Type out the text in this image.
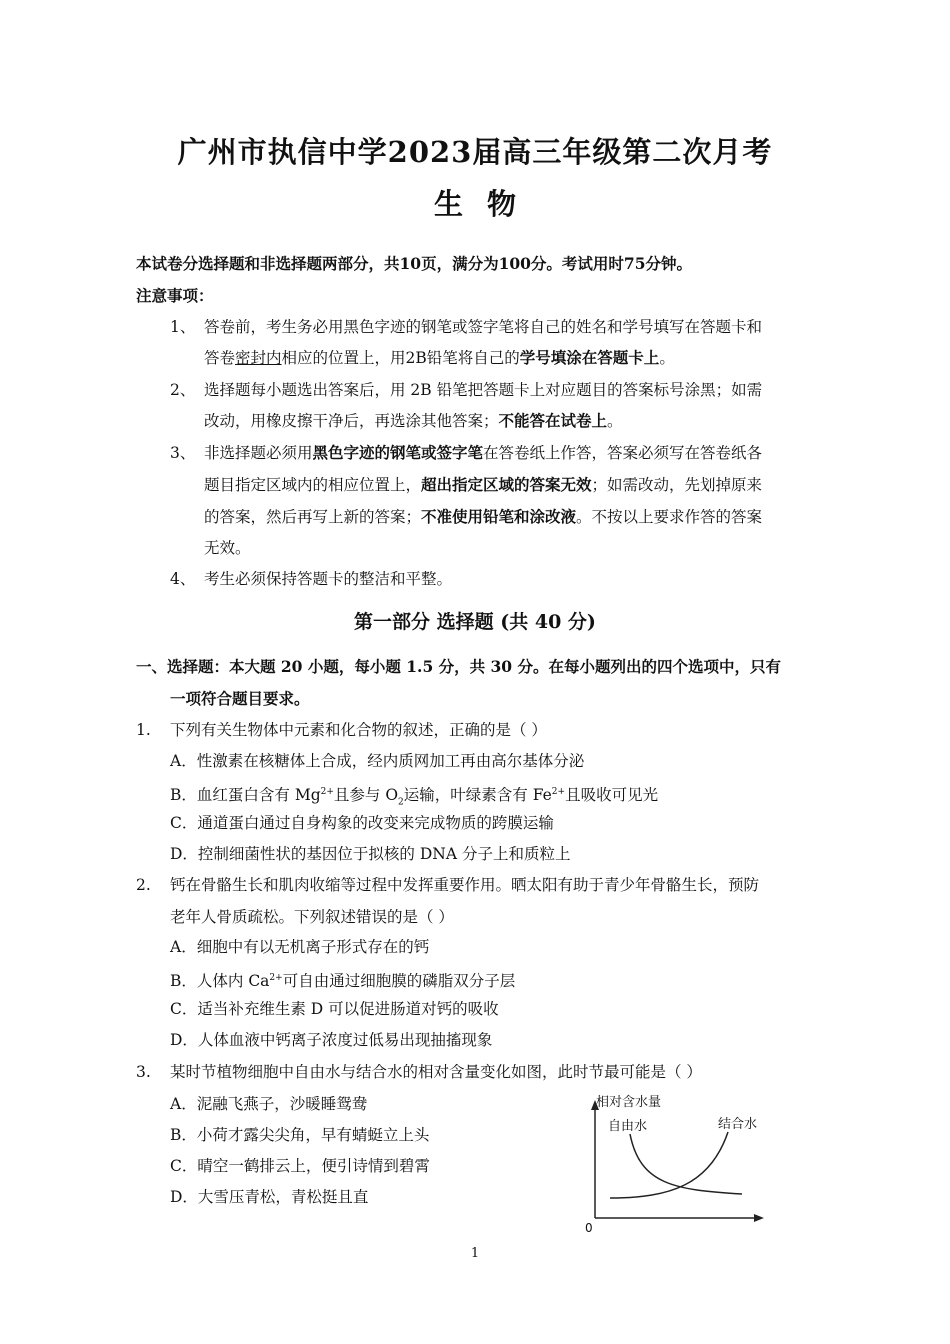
广州市执信中学2023届高三年级第二次月考
生 物
本试卷分选择题和非选择题两部分，共10页，满分为100分。考试用时75分钟。
注意事项：
1、 答卷前，考生务必用黑色字迹的钢笔或签字笔将自己的姓名和学号填写在答题卡和
答卷密封内相应的位置上，用2B铅笔将自己的学号填涂在答题卡上。
2、 选择题每小题选出答案后，用 2B 铅笔把答题卡上对应题目的答案标号涂黑；如需
改动，用橡皮擦干净后，再选涂其他答案；不能答在试卷上。
3、 非选择题必须用黑色字迹的钢笔或签字笔在答卷纸上作答，答案必须写在答卷纸各
题目指定区域内的相应位置上，超出指定区域的答案无效；如需改动，先划掉原来
的答案，然后再写上新的答案；不准使用铅笔和涂改液。不按以上要求作答的答案
无效。
4、 考生必须保持答题卡的整洁和平整。
第一部分 选择题 (共 40 分)
一、选择题：本大题 20 小题，每小题 1.5 分，共 30 分。在每小题列出的四个选项中，只有
一项符合题目要求。
1. 下列有关生物体中元素和化合物的叙述，正确的是（ ）
A．性激素在核糖体上合成，经内质网加工再由高尔基体分泌
B．血红蛋白含有 $Mg^{2+}$且参与 $O_2$运输，叶绿素含有 $Fe^{2+}$且吸收可见光
C．通道蛋白通过自身构象的改变来完成物质的跨膜运输
D．控制细菌性状的基因位于拟核的 DNA 分子上和质粒上
2. 钙在骨骼生长和肌肉收缩等过程中发挥重要作用。晒太阳有助于青少年骨骼生长，预防
老年人骨质疏松。下列叙述错误的是（ ）
A．细胞中有以无机离子形式存在的钙
B．人体内 $Ca^{2+}$可自由通过细胞膜的磷脂双分子层
C．适当补充维生素 D 可以促进肠道对钙的吸收
D．人体血液中钙离子浓度过低易出现抽搐现象
3. 某时节植物细胞中自由水与结合水的相对含量变化如图，此时节最可能是（ ）
A．泥融飞燕子，沙暖睡鸳鸯
B．小荷才露尖尖角，早有蜻蜓立上头
C．晴空一鹤排云上，便引诗情到碧霄
D．大雪压青松，青松挺且直
相对含水量
自由水	结合水
0
1
